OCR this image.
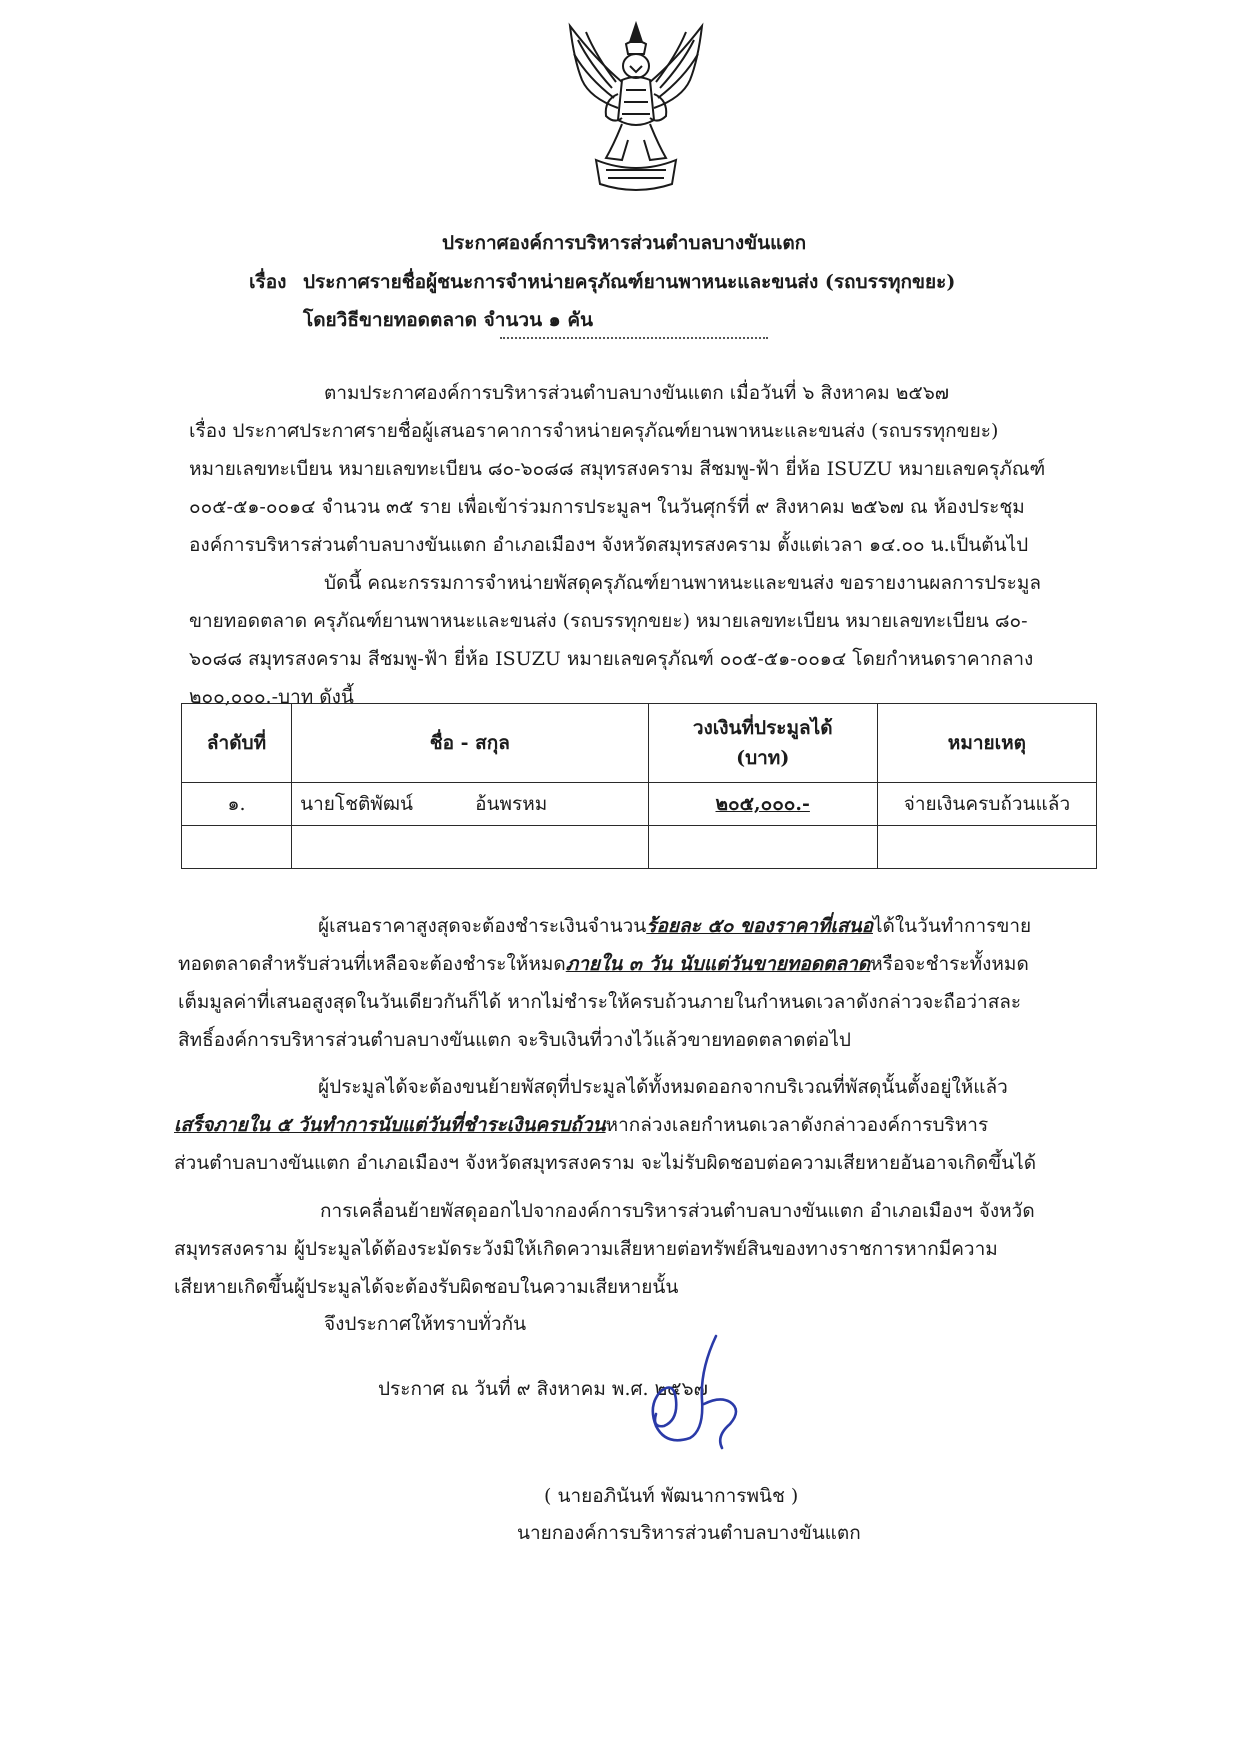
ประกาศองค์การบริหารส่วนตำบลบางขันแตก
เรื่อง ประกาศรายชื่อผู้ชนะการจำหน่ายครุภัณฑ์ยานพาหนะและขนส่ง (รถบรรทุกขยะ)
โดยวิธีขายทอดตลาด จำนวน ๑ คัน
ตามประกาศองค์การบริหารส่วนตำบลบางขันแตก เมื่อวันที่ ๖ สิงหาคม ๒๕๖๗
เรื่อง ประกาศประกาศรายชื่อผู้เสนอราคาการจำหน่ายครุภัณฑ์ยานพาหนะและขนส่ง (รถบรรทุกขยะ)
หมายเลขทะเบียน หมายเลขทะเบียน ๘๐-๖๐๘๘ สมุทรสงคราม สีชมพู-ฟ้า ยี่ห้อ ISUZU หมายเลขครุภัณฑ์
๐๐๕-๕๑-๐๐๑๔ จำนวน ๓๕ ราย เพื่อเข้าร่วมการประมูลฯ ในวันศุกร์ที่ ๙ สิงหาคม ๒๕๖๗ ณ ห้องประชุม
องค์การบริหารส่วนตำบลบางขันแตก อำเภอเมืองฯ จังหวัดสมุทรสงคราม ตั้งแต่เวลา ๑๔.๐๐ น.เป็นต้นไป
บัดนี้ คณะกรรมการจำหน่ายพัสดุครุภัณฑ์ยานพาหนะและขนส่ง ขอรายงานผลการประมูล
ขายทอดตลาด ครุภัณฑ์ยานพาหนะและขนส่ง (รถบรรทุกขยะ) หมายเลขทะเบียน หมายเลขทะเบียน ๘๐-
๖๐๘๘ สมุทรสงคราม สีชมพู-ฟ้า ยี่ห้อ ISUZU หมายเลขครุภัณฑ์ ๐๐๕-๕๑-๐๐๑๔ โดยกำหนดราคากลาง
๒๐๐,๐๐๐.-บาท ดังนี้
ลำดับที่	ชื่อ - สกุล	วงเงินที่ประมูลได้
(บาท)	หมายเหตุ
๑.	นายโชติพัฒน์ อ้นพรหม	๒๐๕,๐๐๐.-	จ่ายเงินครบถ้วนแล้ว

ผู้เสนอราคาสูงสุดจะต้องชำระเงินจำนวนร้อยละ ๕๐ ของราคาที่เสนอได้ในวันทำการขาย
ทอดตลาดสำหรับส่วนที่เหลือจะต้องชำระให้หมดภายใน ๓ วัน นับแต่วันขายทอดตลาดหรือจะชำระทั้งหมด
เต็มมูลค่าที่เสนอสูงสุดในวันเดียวกันก็ได้ หากไม่ชำระให้ครบถ้วนภายในกำหนดเวลาดังกล่าวจะถือว่าสละ
สิทธิ์องค์การบริหารส่วนตำบลบางขันแตก จะริบเงินที่วางไว้แล้วขายทอดตลาดต่อไป
ผู้ประมูลได้จะต้องขนย้ายพัสดุที่ประมูลได้ทั้งหมดออกจากบริเวณที่พัสดุนั้นตั้งอยู่ให้แล้ว
เสร็จภายใน ๕ วันทำการนับแต่วันที่ชำระเงินครบถ้วนหากล่วงเลยกำหนดเวลาดังกล่าวองค์การบริหาร
ส่วนตำบลบางขันแตก อำเภอเมืองฯ จังหวัดสมุทรสงคราม จะไม่รับผิดชอบต่อความเสียหายอันอาจเกิดขึ้นได้
การเคลื่อนย้ายพัสดุออกไปจากองค์การบริหารส่วนตำบลบางขันแตก อำเภอเมืองฯ จังหวัด
สมุทรสงคราม ผู้ประมูลได้ต้องระมัดระวังมิให้เกิดความเสียหายต่อทรัพย์สินของทางราชการหากมีความ
เสียหายเกิดขึ้นผู้ประมูลได้จะต้องรับผิดชอบในความเสียหายนั้น
จึงประกาศให้ทราบทั่วกัน
ประกาศ ณ วันที่ ๙ สิงหาคม พ.ศ. ๒๕๖๗
( นายอภินันท์ พัฒนาการพนิช )
นายกองค์การบริหารส่วนตำบลบางขันแตก
